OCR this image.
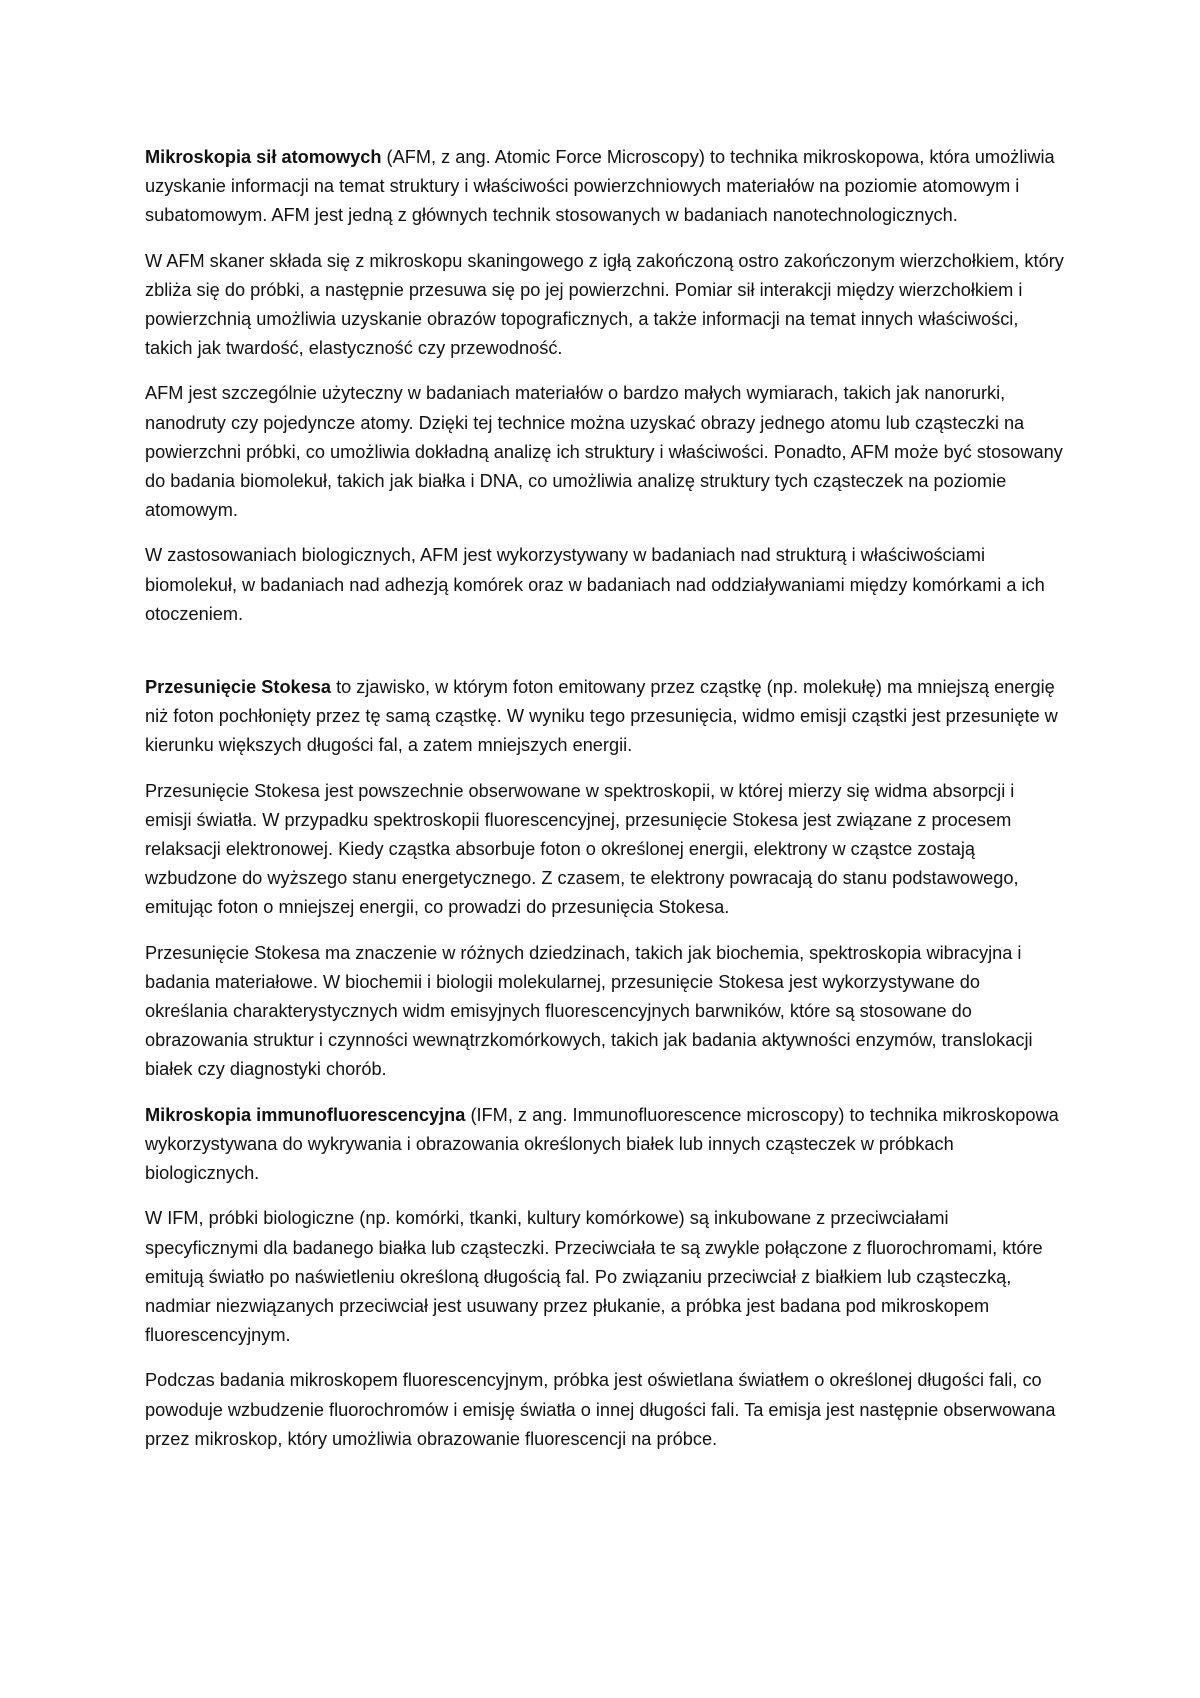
Mikroskopia sił atomowych (AFM, z ang. Atomic Force Microscopy) to technika mikroskopowa, która umożliwia uzyskanie informacji na temat struktury i właściwości powierzchniowych materiałów na poziomie atomowym i subatomowym. AFM jest jedną z głównych technik stosowanych w badaniach nanotechnologicznych.

W AFM skaner składa się z mikroskopu skaningowego z igłą zakończoną ostro zakończonym wierzchołkiem, który zbliża się do próbki, a następnie przesuwa się po jej powierzchni. Pomiar sił interakcji między wierzchołkiem i powierzchnią umożliwia uzyskanie obrazów topograficznych, a także informacji na temat innych właściwości, takich jak twardość, elastyczność czy przewodność.

AFM jest szczególnie użyteczny w badaniach materiałów o bardzo małych wymiarach, takich jak nanorurki, nanodruty czy pojedyncze atomy. Dzięki tej technice można uzyskać obrazy jednego atomu lub cząsteczki na powierzchni próbki, co umożliwia dokładną analizę ich struktury i właściwości. Ponadto, AFM może być stosowany do badania biomolekuł, takich jak białka i DNA, co umożliwia analizę struktury tych cząsteczek na poziomie atomowym.

W zastosowaniach biologicznych, AFM jest wykorzystywany w badaniach nad strukturą i właściwościami biomolekuł, w badaniach nad adhezją komórek oraz w badaniach nad oddziaływaniami między komórkami a ich otoczeniem.

Przesunięcie Stokesa to zjawisko, w którym foton emitowany przez cząstkę (np. molekułę) ma mniejszą energię niż foton pochłonięty przez tę samą cząstkę. W wyniku tego przesunięcia, widmo emisji cząstki jest przesunięte w kierunku większych długości fal, a zatem mniejszych energii.

Przesunięcie Stokesa jest powszechnie obserwowane w spektroskopii, w której mierzy się widma absorpcji i emisji światła. W przypadku spektroskopii fluorescencyjnej, przesunięcie Stokesa jest związane z procesem relaksacji elektronowej. Kiedy cząstka absorbuje foton o określonej energii, elektrony w cząstce zostają wzbudzone do wyższego stanu energetycznego. Z czasem, te elektrony powracają do stanu podstawowego, emitując foton o mniejszej energii, co prowadzi do przesunięcia Stokesa.

Przesunięcie Stokesa ma znaczenie w różnych dziedzinach, takich jak biochemia, spektroskopia wibracyjna i badania materiałowe. W biochemii i biologii molekularnej, przesunięcie Stokesa jest wykorzystywane do określania charakterystycznych widm emisyjnych fluorescencyjnych barwników, które są stosowane do obrazowania struktur i czynności wewnątrzkomórkowych, takich jak badania aktywności enzymów, translokacji białek czy diagnostyki chorób.

Mikroskopia immunofluorescencyjna (IFM, z ang. Immunofluorescence microscopy) to technika mikroskopowa wykorzystywana do wykrywania i obrazowania określonych białek lub innych cząsteczek w próbkach biologicznych.

W IFM, próbki biologiczne (np. komórki, tkanki, kultury komórkowe) są inkubowane z przeciwciałami specyficznymi dla badanego białka lub cząsteczki. Przeciwciała te są zwykle połączone z fluorochromami, które emitują światło po naświetleniu określoną długością fal. Po związaniu przeciwciał z białkiem lub cząsteczką, nadmiar niezwiązanych przeciwciał jest usuwany przez płukanie, a próbka jest badana pod mikroskopem fluorescencyjnym.

Podczas badania mikroskopem fluorescencyjnym, próbka jest oświetlana światłem o określonej długości fali, co powoduje wzbudzenie fluorochromów i emisję światła o innej długości fali. Ta emisja jest następnie obserwowana przez mikroskop, który umożliwia obrazowanie fluorescencji na próbce.
